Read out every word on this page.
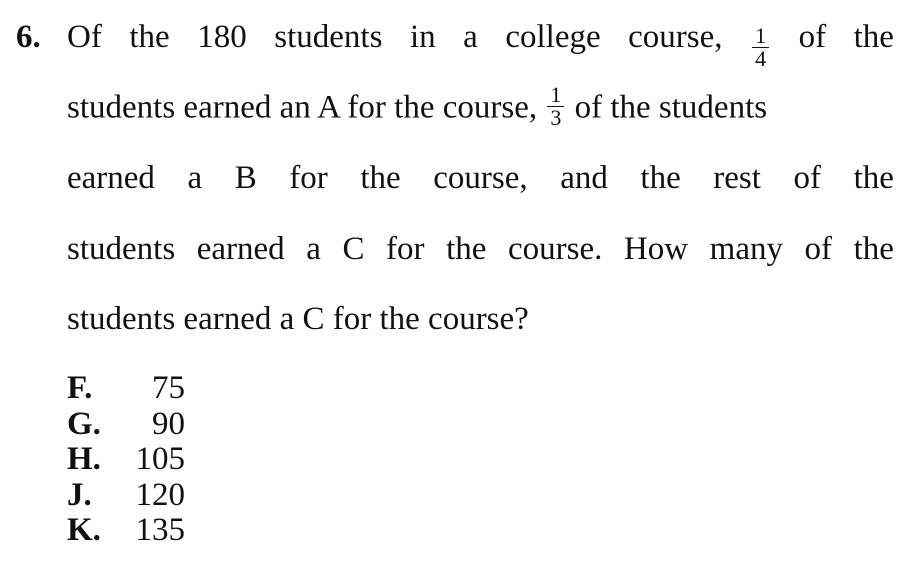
6. Of the 180 students in a college course, $\frac{1}{4}$ of the
students earned an A for the course, $\frac{1}{3}$ of the students
earned a B for the course, and the rest of the
students earned a C for the course. How many of the
students earned a C for the course?
F.	75
G.	90
H.	105
J.	120
K.	135
